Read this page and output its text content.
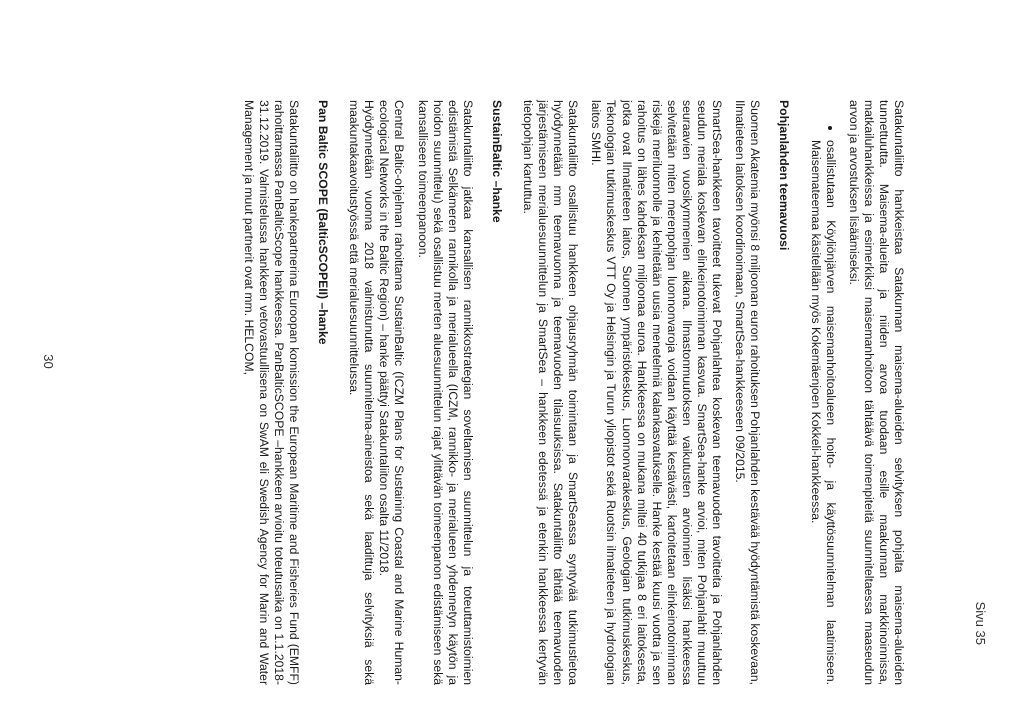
Sivu 35

Satakuntaliitto hankkeistaa Satakunnan maisema-alueiden selvityksen pohjalta maisema-alueiden tunnettuutta. Maisema-alueita ja niiden arvoa tuodaan esille maakunnan markkinoinnissa, matkailuhankkeissa ja esimerkiksi maisemanhoitoon tähtäävä toimenpiteitä suunniteltaessa maaseudun arvon ja arvostuksen lisäämiseksi.

• osallistutaan Köyliönjärven maisemanhoitoalueen hoito- ja käyttösuunnitelman laatimiseen. Maisemateemaa käsitellään myös Kokemäenjoen Kokkeli-hankkeessa.
Pohjanlahden teemavuosi

Suomen Akatemia myönsi 8 miljoonan euron rahoituksen Pohjanlahden kestävää hyödyntämistä koskevaan, Ilmatieteen laitoksen koordinoimaan, SmartSea-hankkeeseen 09/2015.

SmartSea-hankkeen tavoitteet tukevat Pohjanlahtea koskevan teemavuoden tavoitteita ja Pohjanlahden seudun meriala koskevan elinkeinotoiminnan kasvua. SmartSea-hanke arvioi, miten Pohjanlahti muuttuu seuraavien vuosikymmenien aikana. Ilmastonmuutoksen vaikutusten arvioinnien lisäksi hankkeessa selvitetään miten merenpohjan luonnonvaroja voidaan käyttää kestävästi, kartoitetaan elinkeinotoiminnan riskejä meriluonnolle ja kehitetään uusia menetelmiä kalankasvatukselle. Hanke kestää kuusi vuotta ja sen rahoitus on lähes kahdeksan miljoonaa euroa. Hankkeessa on mukana miltei 40 tutkijaa 8 eri laitoksesta, jotka ovat Ilmatieteen laitos, Suomen ympäristökeskus, Luonnonvarakeskus, Geologian tutkimuskeskus, Teknologian tutkimuskeskus VTT Oy ja Helsingin ja Turun yliopistot sekä Ruotsin ilmatieteen ja hydrologian laitos SMHI.

Satakuntaliitto osallistuu hankkeen ohjausryhmän toimintaan ja SmartSeassa syntyvää tutkimustietoa hyödynnetään mm teemavuonna ja teemavuoden tilaisuuksissa. Satakuntaliitto tähtää teemavuoden järjestämiseen merialuesuunnittelun ja SmartSea – hankkeen edetessä ja etenkin hankkeessa kertyvän tietopohjan kartuttua.

SustainBaltic –hanke

Satakuntaliitto jatkaa kansallisen rannikkostrategian soveltamisen suunnittelun ja toteuttamistoimien edistämistä Selkämeren rannikolla ja merialueella (ICZM, rannikko- ja merialueen yhdennetyn käytön ja hoidon suunnittelu) sekä osallistuu merten aluesuunnittelun rajat ylittävän toimeenpanon edistämiseen sekä kansalliseen toimeenpanoon.

Central Baltic-ohjelman rahoittama SustainBaltic (ICZM Plans for Sustaining Coastal and Marine Human-ecological Networks in the Baltic Region) – hanke päättyi Satakuntaliiton osalta 11/2018.

Hyödynnetään vuonna 2018 valmistunutta suunnitelma-aineistoa sekä laadittuja selvityksiä sekä maakuntakaavoitustyössä että merialuesuunnittelussa.

Pan Baltic SCOPE (BalticSCOPEII) –hanke

Satakuntaliitto on hankepartnerina Euroopan komission the European Maritime and Fisheries Fund (EMFF) rahoittamassa PanBalticScope hankkeessa. PanBalticSCOPE –hankkeen arvioitu toteutusaika on 1.1.2018-31.12.2019. Valmistelussa hankkeen vetovastuullisena on SwAM eli Swedish Agency for Marin and Water Management ja muut partnerit ovat mm. HELCOM,

30
